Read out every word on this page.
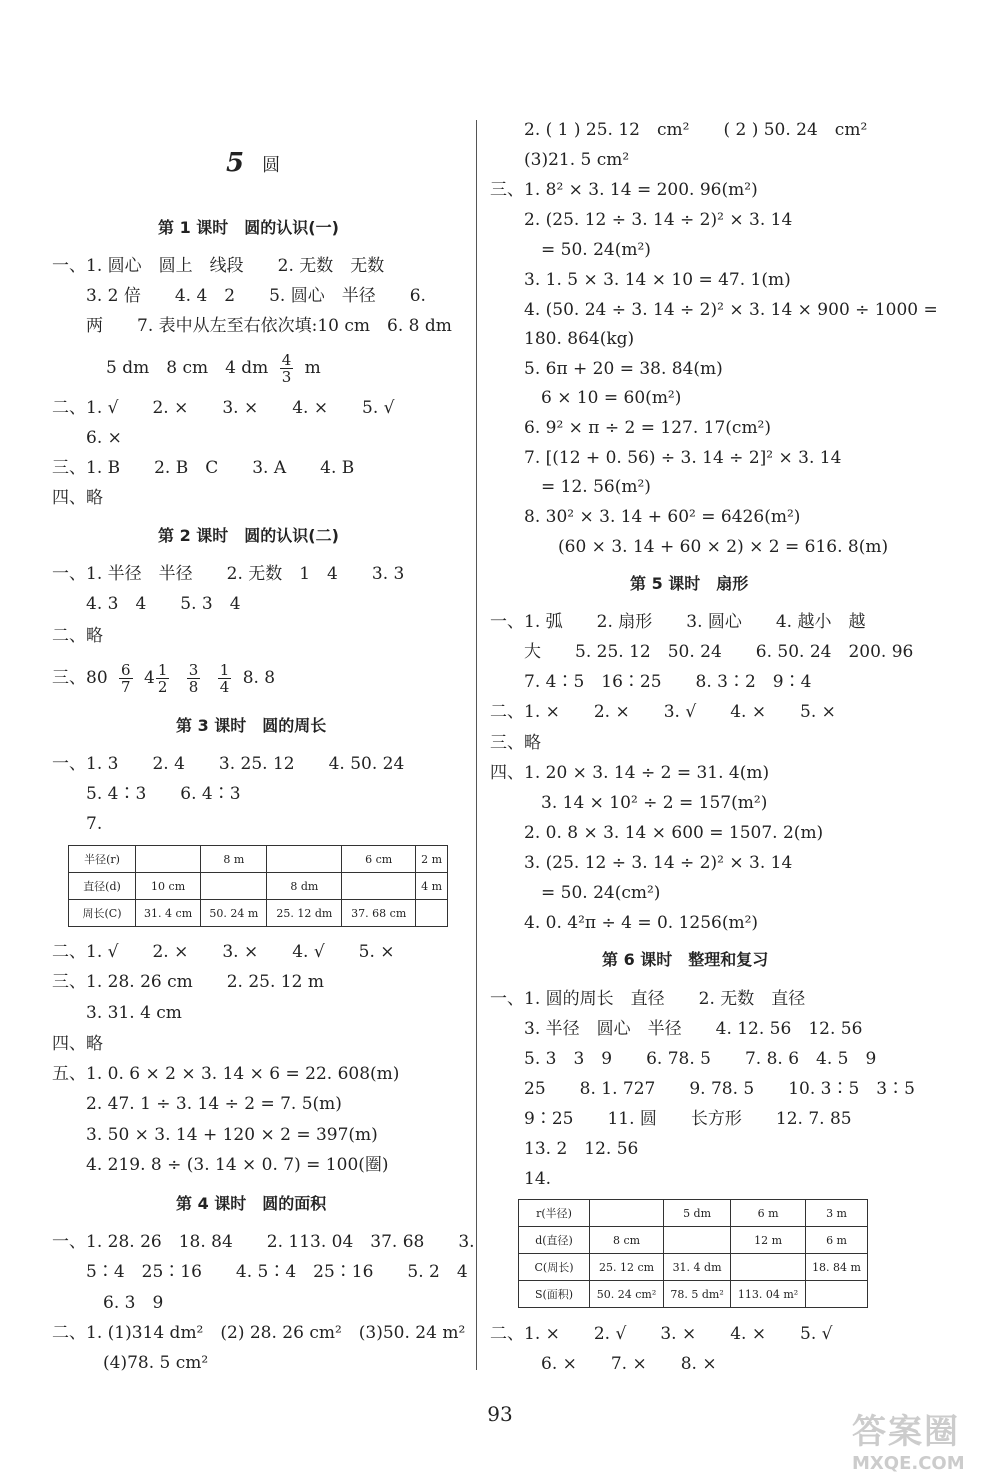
5 圆
第 1 课时　圆的认识(一)
一、1. 圆心　圆上　线段　　2. 无数　无数
　　3. 2 倍　　4. 4　2　　5. 圆心　半径　　6.
　　两　　7. 表中从左至右依次填:10 cm　6. 8 dm
5 dm　8 cm　4 dm $\frac{4}{3}$ m
二、1. √　　2. ×　　3. ×　　4. ×　　5. √
　　6. ×
三、1. B　　2. B　C　　3. A　　4. B
四、略
第 2 课时　圆的认识(二)
一、1. 半径　半径　　2. 无数　1　4　　3. 3
　　4. 3　4　　5. 3　4
二、略
三、$80 \frac{6}{7} 4 \frac{1}{2}$
$\frac{3}{8}$
$\frac{1}{4} 8$. 8
第 3 课时　圆的周长
一、1. 3　　2. 4　　3. 25. 12　　4. 50. 24
　　5. 4∶3　　6. 4∶3
　　7.
半径(r)		8 m		6 cm	2 m
直径(d)	10 cm		8 dm		4 m
周长(C)	31. 4 cm	50. 24 m	25. 12 dm	37. 68 cm	
二、1. √　　2. ×　　3. ×　　4. √　　5. ×
三、1. 28. 26 cm　　2. 25. 12 m
　　3. 31. 4 cm
四、略
五、1. 0. 6 × 2 × 3. 14 × 6 = 22. 608(m)
　　2. 47. 1 ÷ 3. 14 ÷ 2 = 7. 5(m)
　　3. 50 × 3. 14 + 120 × 2 = 397(m)
　　4. 219. 8 ÷ (3. 14 × 0. 7) = 100(圈)
第 4 课时　圆的面积
一、1. 28. 26　18. 84　　2. 113. 04　37. 68　　3.
　　5∶4　25∶16　　4. 5∶4　25∶16　　5. 2　4
　　　6. 3　9
二、1. (1)314 dm²　(2) 28. 26 cm²　(3)50. 24 m²
　　　(4)78. 5 cm²
　　2. ( 1 ) 25. 12　cm²　　( 2 ) 50. 24　cm²
　　(3)21. 5 cm²
三、1. 8² × 3. 14 = 200. 96(m²)
　　2. (25. 12 ÷ 3. 14 ÷ 2)² × 3. 14
　　　= 50. 24(m²)
　　3. 1. 5 × 3. 14 × 10 = 47. 1(m)
　　4. (50. 24 ÷ 3. 14 ÷ 2)² × 3. 14 × 900 ÷ 1000 =
　　180. 864(kg)
　　5. 6π + 20 = 38. 84(m)
　　　6 × 10 = 60(m²)
　　6. 9² × π ÷ 2 = 127. 17(cm²)
　　7. [(12 + 0. 56) ÷ 3. 14 ÷ 2]² × 3. 14
　　　= 12. 56(m²)
　　8. 30² × 3. 14 + 60² = 6426(m²)
　　　　(60 × 3. 14 + 60 × 2) × 2 = 616. 8(m)
第 5 课时　扇形
一、1. 弧　　2. 扇形　　3. 圆心　　4. 越小　越
　　大　　5. 25. 12　50. 24　　6. 50. 24　200. 96
　　7. 4∶5　16∶25　　8. 3∶2　9∶4
二、1. ×　　2. ×　　3. √　　4. ×　　5. ×
三、略
四、1. 20 × 3. 14 ÷ 2 = 31. 4(m)
　　　3. 14 × 10² ÷ 2 = 157(m²)
　　2. 0. 8 × 3. 14 × 600 = 1507. 2(m)
　　3. (25. 12 ÷ 3. 14 ÷ 2)² × 3. 14
　　　= 50. 24(cm²)
　　4. 0. 4²π ÷ 4 = 0. 1256(m²)
第 6 课时　整理和复习
一、1. 圆的周长　直径　　2. 无数　直径
　　3. 半径　圆心　半径　　4. 12. 56　12. 56
　　5. 3　3　9　　6. 78. 5　　7. 8. 6　4. 5　9
　　25　　8. 1. 727　　9. 78. 5　　10. 3∶5　3∶5
　　9∶25　　11. 圆　　长方形　　12. 7. 85
　　13. 2　12. 56
　　14.
r(半径)		5 dm	6 m	3 m
d(直径)	8 cm		12 m	6 m
C(周长)	25. 12 cm	31. 4 dm		18. 84 m
S(面积)	50. 24 cm²	78. 5 dm²	113. 04 m²	
二、1. ×　　2. √　　3. ×　　4. ×　　5. √
　　　6. ×　　7. ×　　8. ×
93	答案圈
MXQE.COM
